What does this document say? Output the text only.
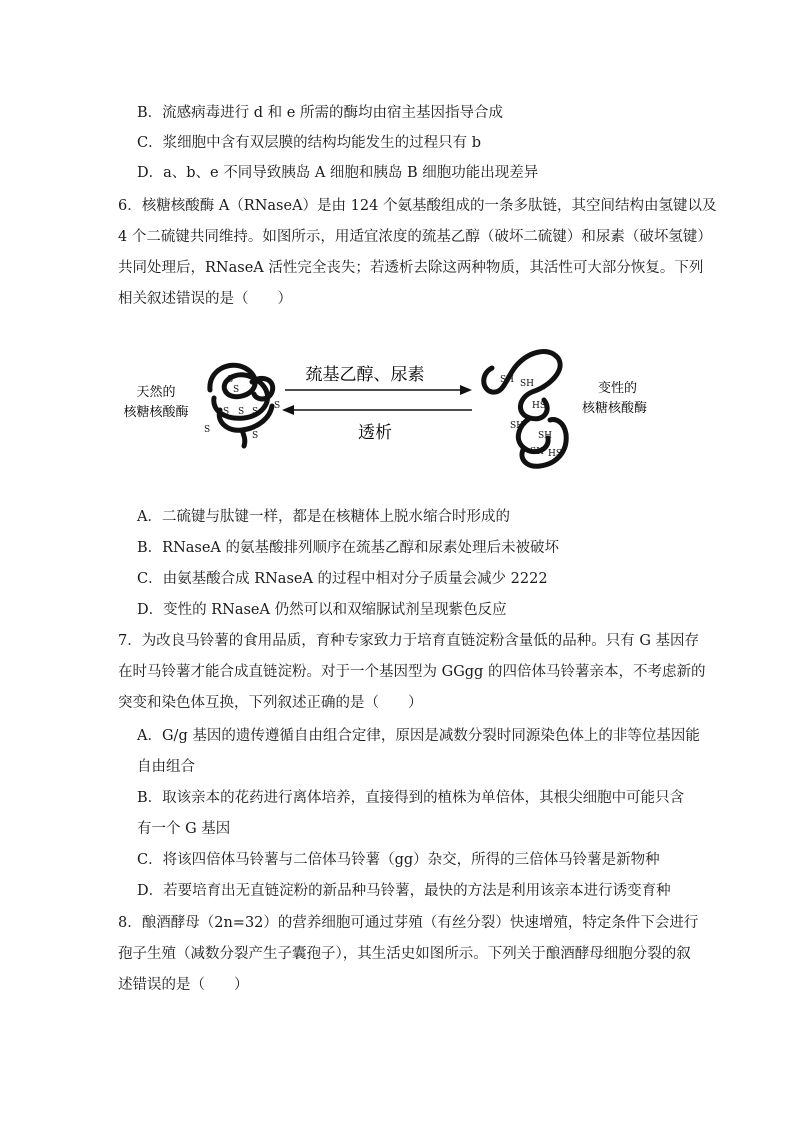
B．流感病毒进行 d 和 e 所需的酶均由宿主基因指导合成
C．浆细胞中含有双层膜的结构均能发生的过程只有 b
D．a、b、e 不同导致胰岛 A 细胞和胰岛 B 细胞功能出现差异
6．核糖核酸酶 A（RNaseA）是由 124 个氨基酸组成的一条多肽链，其空间结构由氢键以及
4 个二硫键共同维持。如图所示，用适宜浓度的巯基乙醇（破坏二硫键）和尿素（破坏氢键）
共同处理后，RNaseA 活性完全丧失；若透析去除这两种物质，其活性可大部分恢复。下列
相关叙述错误的是（　　）
天然的
核糖核酸酶
S
S
S S S
S
S
S
巯基乙醇、尿素
透析
SH SH
HS
SH
SH
SH HS
变性的
核糖核酸酶
A．二硫键与肽键一样，都是在核糖体上脱水缩合时形成的
B．RNaseA 的氨基酸排列顺序在巯基乙醇和尿素处理后未被破坏
C．由氨基酸合成 RNaseA 的过程中相对分子质量会减少 2222
D．变性的 RNaseA 仍然可以和双缩脲试剂呈现紫色反应
7．为改良马铃薯的食用品质，育种专家致力于培育直链淀粉含量低的品种。只有 G 基因存
在时马铃薯才能合成直链淀粉。对于一个基因型为 GGgg 的四倍体马铃薯亲本，不考虑新的
突变和染色体互换，下列叙述正确的是（　　）
A．G/g 基因的遗传遵循自由组合定律，原因是减数分裂时同源染色体上的非等位基因能
自由组合
B．取该亲本的花药进行离体培养，直接得到的植株为单倍体，其根尖细胞中可能只含
有一个 G 基因
C．将该四倍体马铃薯与二倍体马铃薯（gg）杂交，所得的三倍体马铃薯是新物种
D．若要培育出无直链淀粉的新品种马铃薯，最快的方法是利用该亲本进行诱变育种
8．酿酒酵母（2n=32）的营养细胞可通过芽殖（有丝分裂）快速增殖，特定条件下会进行
孢子生殖（减数分裂产生子囊孢子），其生活史如图所示。下列关于酿酒酵母细胞分裂的叙
述错误的是（　　）
